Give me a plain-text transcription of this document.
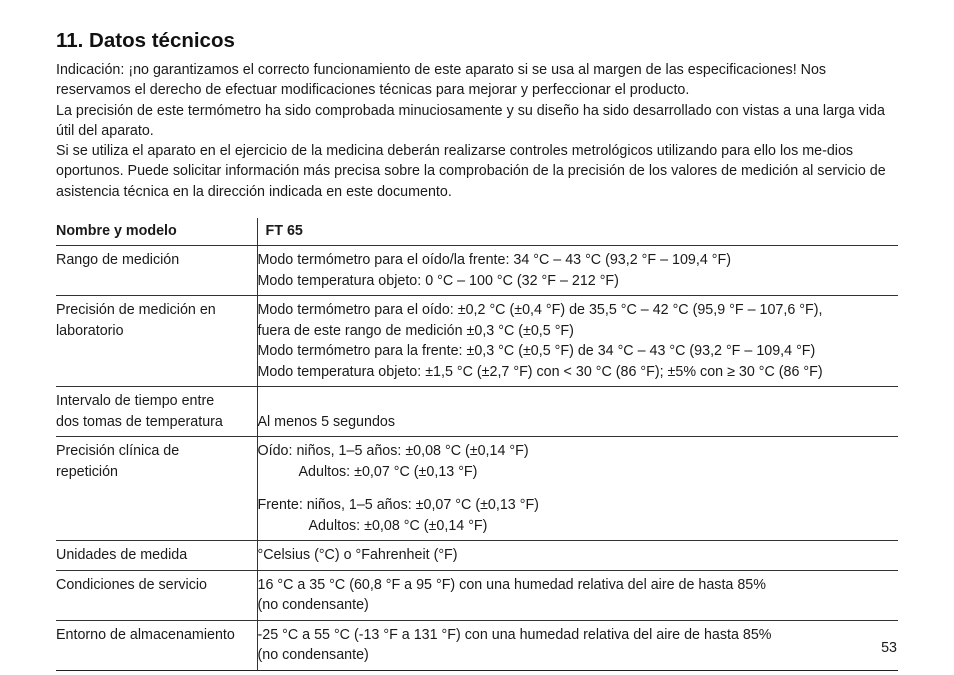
11. Datos técnicos

Indicación: ¡no garantizamos el correcto funcionamiento de este aparato si se usa al margen de las especificaciones! Nos reservamos el derecho de efectuar modificaciones técnicas para mejorar y perfeccionar el producto.

La precisión de este termómetro ha sido comprobada minuciosamente y su diseño ha sido desarrollado con vistas a una larga vida útil del aparato.

Si se utiliza el aparato en el ejercicio de la medicina deberán realizarse controles metrológicos utilizando para ello los me-dios oportunos. Puede solicitar información más precisa sobre la comprobación de la precisión de los valores de medición al servicio de asistencia técnica en la dirección indicada en este documento.

Nombre y modelo	FT 65

Rango de medición	Modo termómetro para el oído/la frente: 34 °C – 43 °C (93,2 °F – 109,4 °F)
Modo temperatura objeto: 0 °C – 100 °C (32 °F – 212 °F)

Precisión de medición en
laboratorio	Modo termómetro para el oído: ±0,2 °C (±0,4 °F) de 35,5 °C – 42 °C (95,9 °F – 107,6 °F),
fuera de este rango de medición ±0,3 °C (±0,5 °F)
Modo termómetro para la frente: ±0,3 °C (±0,5 °F) de 34 °C – 43 °C (93,2 °F – 109,4 °F)
Modo temperatura objeto: ±1,5 °C (±2,7 °F) con < 30 °C (86 °F); ±5% con ≥ 30 °C (86 °F)

Intervalo de tiempo entre
dos tomas de temperatura	Al menos 5 segundos

Precisión clínica de
repetición	Oído: niños, 1–5 años: ±0,08 °C (±0,14 °F)
Adultos: ±0,07 °C (±0,13 °F)
Frente: niños, 1–5 años: ±0,07 °C (±0,13 °F)
Adultos: ±0,08 °C (±0,14 °F)

Unidades de medida	°Celsius (°C) o °Fahrenheit (°F)

Condiciones de servicio	16 °C a 35 °C (60,8 °F a 95 °F) con una humedad relativa del aire de hasta 85%
(no condensante)

Entorno de almacenamiento	-25 °C a 55 °C (-13 °F a 131 °F) con una humedad relativa del aire de hasta 85%
(no condensante)	53
